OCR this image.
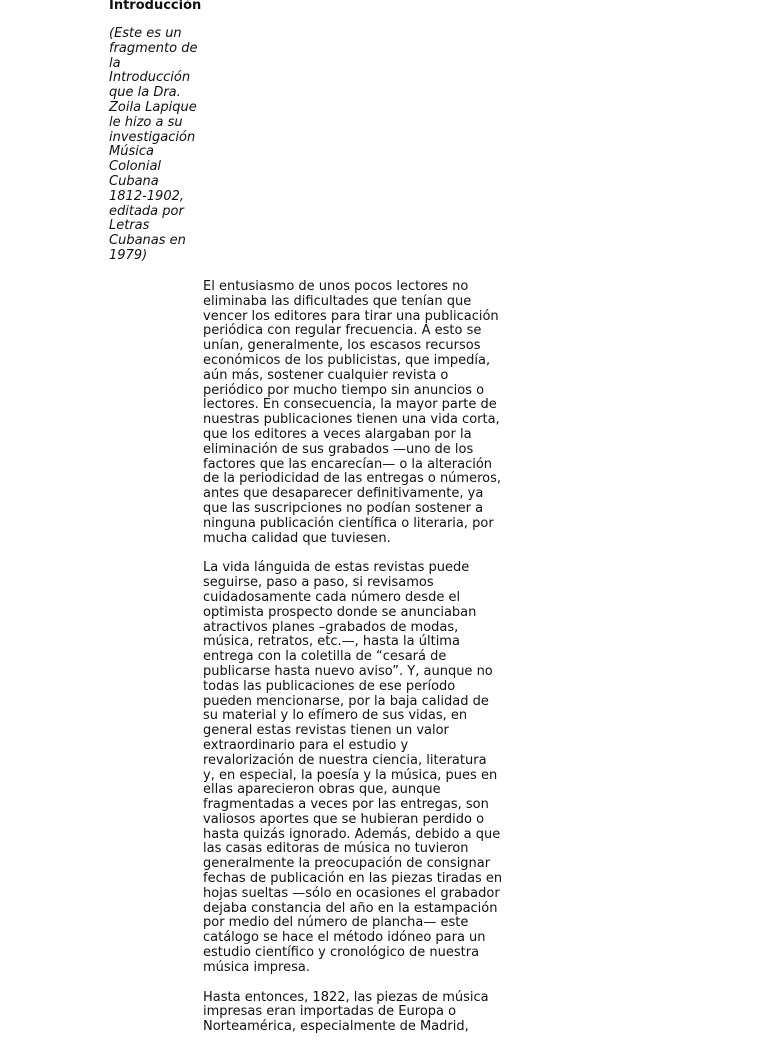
Introducción
(Este es un
fragmento de
la
Introducción
que la Dra.
Zoila Lapique
le hizo a su
investigación
Música
Colonial
Cubana
1812-1902,
editada por
Letras
Cubanas en
1979)

El entusiasmo de unos pocos lectores no
eliminaba las dificultades que tenían que
vencer los editores para tirar una publicación
periódica con regular frecuencia. A esto se
unían, generalmente, los escasos recursos
económicos de los publicistas, que impedía,
aún más, sostener cualquier revista o
periódico por mucho tiempo sin anuncios o
lectores. En consecuencia, la mayor parte de
nuestras publicaciones tienen una vida corta,
que los editores a veces alargaban por la
eliminación de sus grabados —uno de los
factores que las encarecían— o la alteración
de la periodicidad de las entregas o números,
antes que desaparecer definitivamente, ya
que las suscripciones no podían sostener a
ninguna publicación científica o literaria, por
mucha calidad que tuviesen.

La vida lánguida de estas revistas puede
seguirse, paso a paso, si revisamos
cuidadosamente cada número desde el
optimista prospecto donde se anunciaban
atractivos planes –grabados de modas,
música, retratos, etc.—, hasta la última
entrega con la coletilla de “cesará de
publicarse hasta nuevo aviso”. Y, aunque no
todas las publicaciones de ese período
pueden mencionarse, por la baja calidad de
su material y lo efímero de sus vidas, en
general estas revistas tienen un valor
extraordinario para el estudio y
revalorización de nuestra ciencia, literatura
y, en especial, la poesía y la música, pues en
ellas aparecieron obras que, aunque
fragmentadas a veces por las entregas, son
valiosos aportes que se hubieran perdido o
hasta quizás ignorado. Además, debido a que
las casas editoras de música no tuvieron
generalmente la preocupación de consignar
fechas de publicación en las piezas tiradas en
hojas sueltas —sólo en ocasiones el grabador
dejaba constancia del año en la estampación
por medio del número de plancha— este
catálogo se hace el método idóneo para un
estudio científico y cronológico de nuestra
música impresa.

Hasta entonces, 1822, las piezas de música
impresas eran importadas de Europa o
Norteamérica, especialmente de Madrid,
